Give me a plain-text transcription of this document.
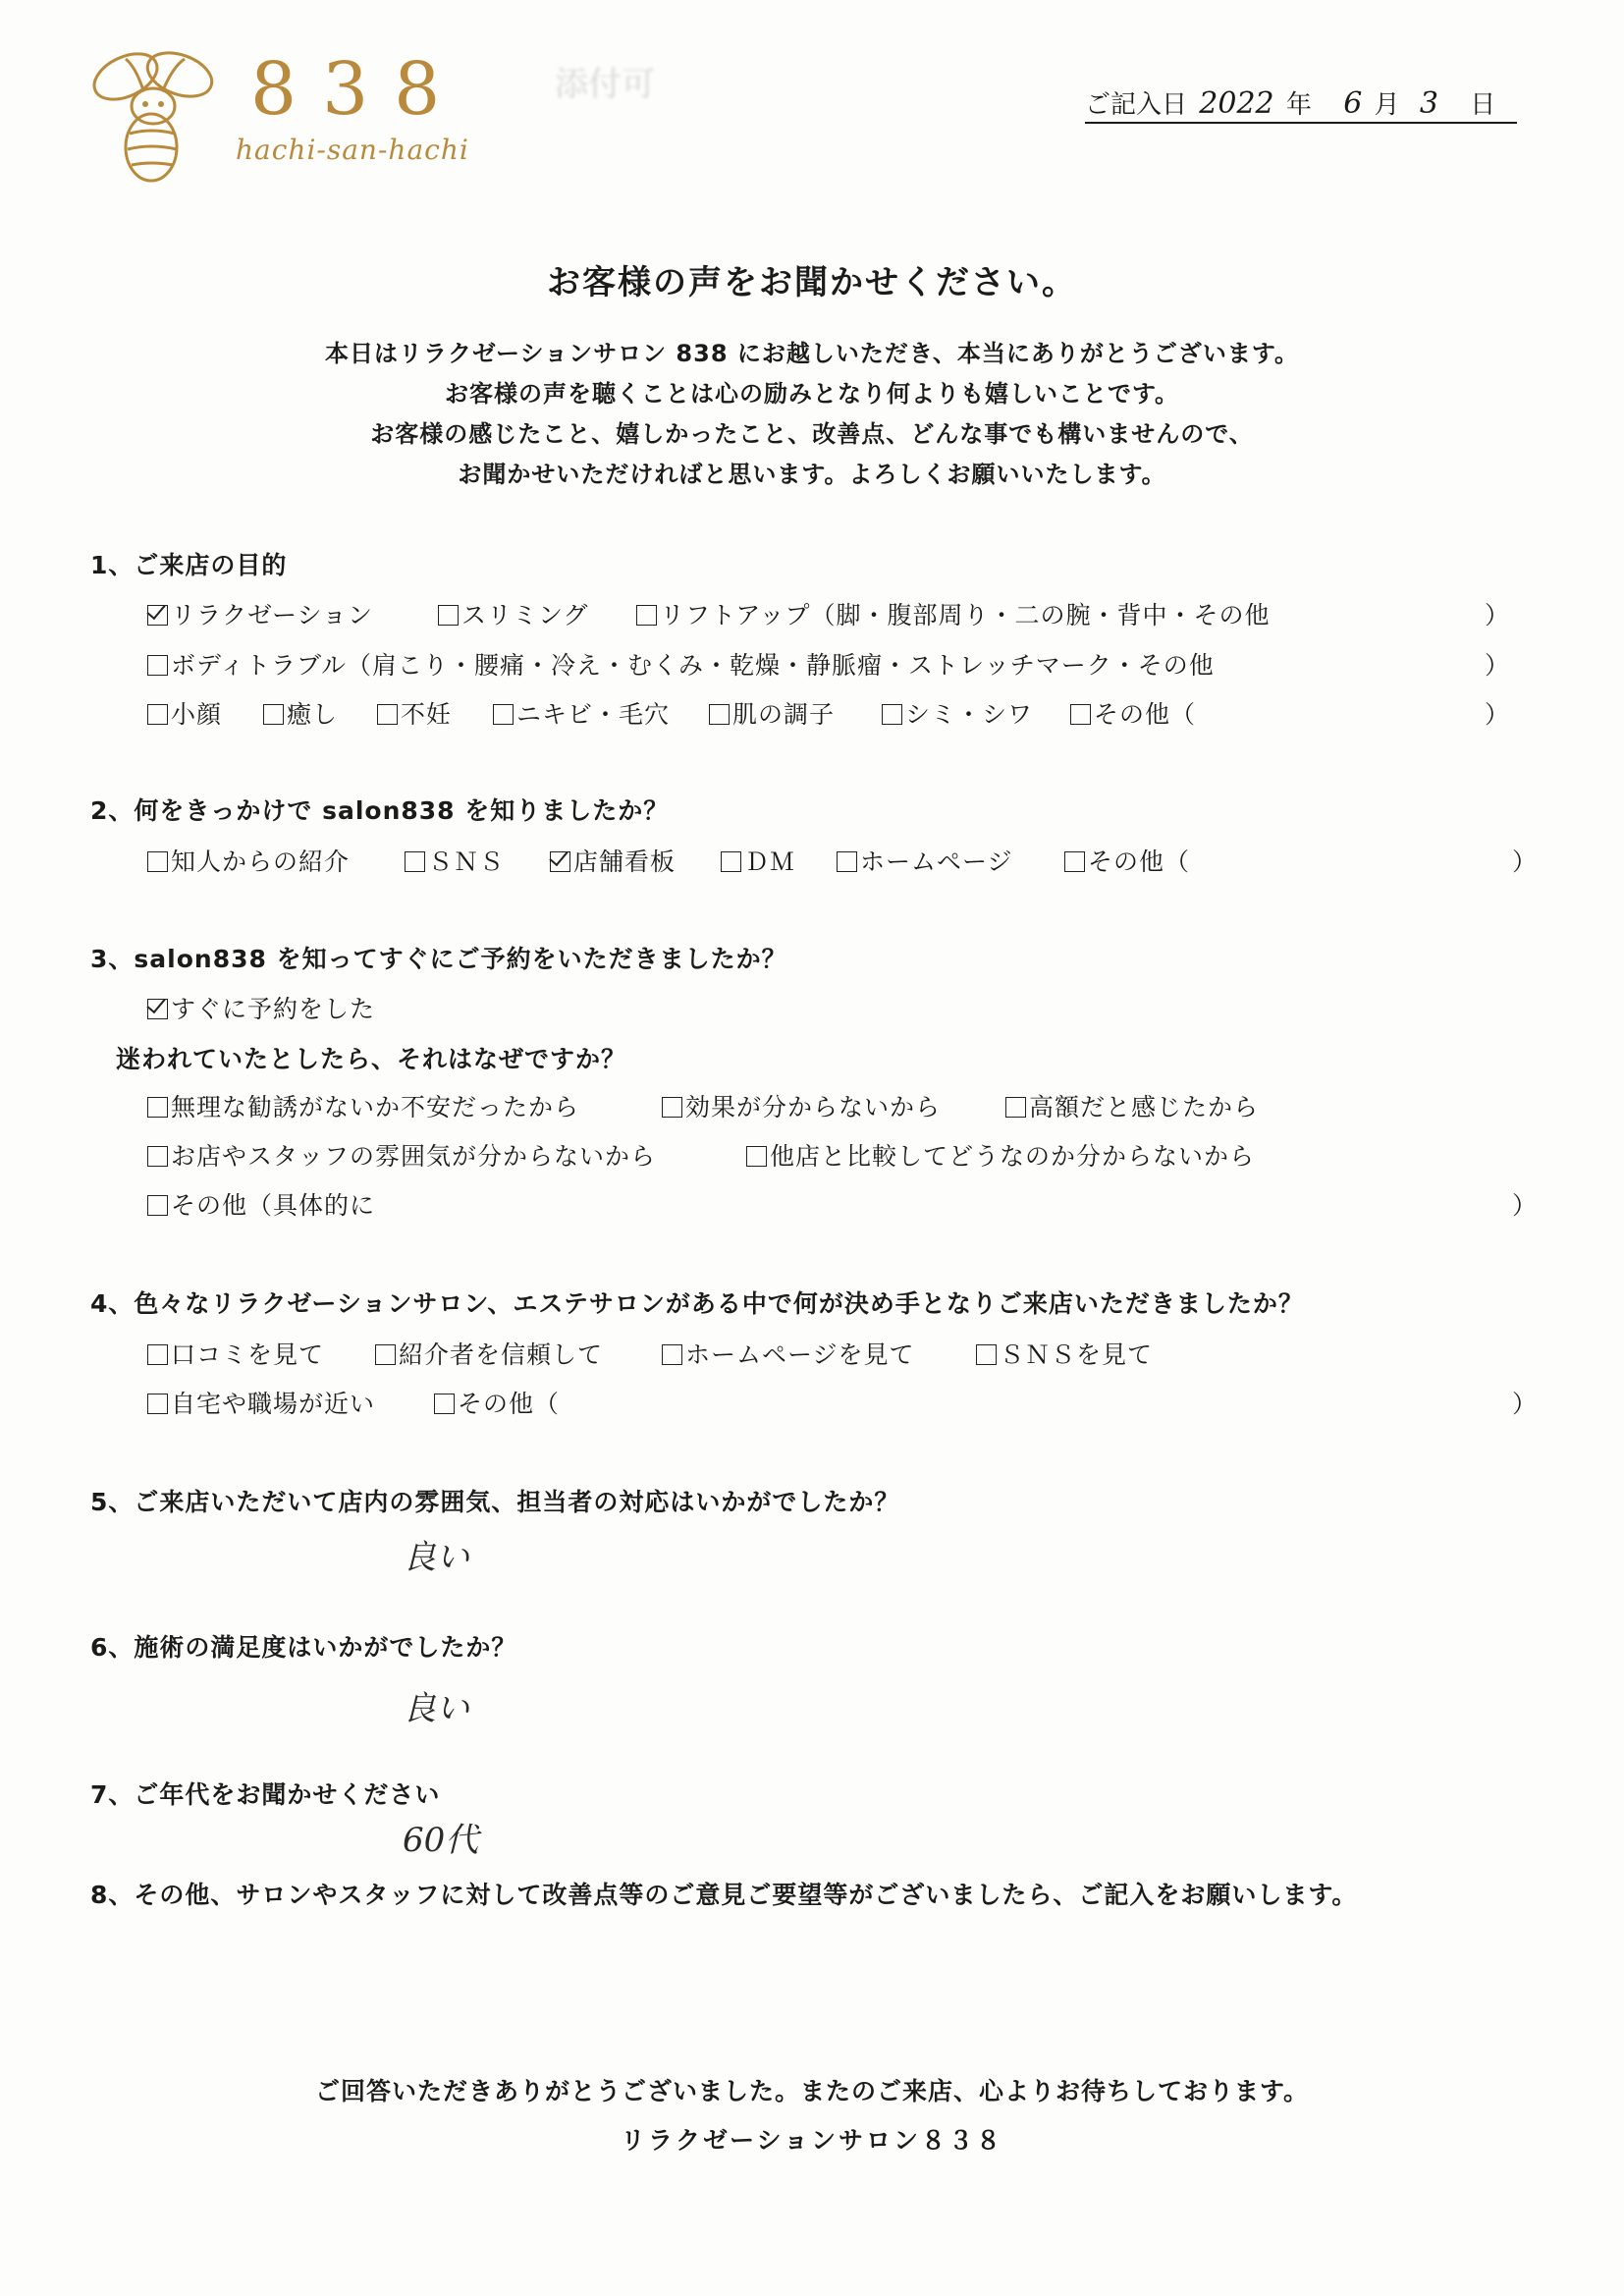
838
hachi-san-hachi
添付可
ご記入日 2022 年 6 月 3 日
お客様の声をお聞かせください。
本日はリラクゼーションサロン 838 にお越しいただき、本当にありがとうございます。
お客様の声を聴くことは心の励みとなり何よりも嬉しいことです。
お客様の感じたこと、嬉しかったこと、改善点、どんな事でも構いませんので、
お聞かせいただければと思います。よろしくお願いいたします。
1、ご来店の目的
リラクゼーション	スリミング	リフトアップ（脚・腹部周り・二の腕・背中・その他	）
ボディトラブル（肩こり・腰痛・冷え・むくみ・乾燥・静脈瘤・ストレッチマーク・その他	）
小顔	癒し	不妊	ニキビ・毛穴	肌の調子	シミ・シワ	その他（	）
2、何をきっかけで salon838 を知りましたか？
知人からの紹介	ＳＮＳ	店舗看板	ＤＭ	ホームページ	その他（	）
3、salon838 を知ってすぐにご予約をいただきましたか？
すぐに予約をした
迷われていたとしたら、それはなぜですか？
無理な勧誘がないか不安だったから	効果が分からないから	高額だと感じたから
お店やスタッフの雰囲気が分からないから	他店と比較してどうなのか分からないから
その他（具体的に	）
4、色々なリラクゼーションサロン、エステサロンがある中で何が決め手となりご来店いただきましたか？
口コミを見て	紹介者を信頼して	ホームページを見て	ＳＮＳを見て
自宅や職場が近い	その他（	）
5、ご来店いただいて店内の雰囲気、担当者の対応はいかがでしたか？
良い
6、施術の満足度はいかがでしたか？
良い
7、ご年代をお聞かせください
60代
8、その他、サロンやスタッフに対して改善点等のご意見ご要望等がございましたら、ご記入をお願いします。
ご回答いただきありがとうございました。またのご来店、心よりお待ちしております。
リラクゼーションサロン８３８
